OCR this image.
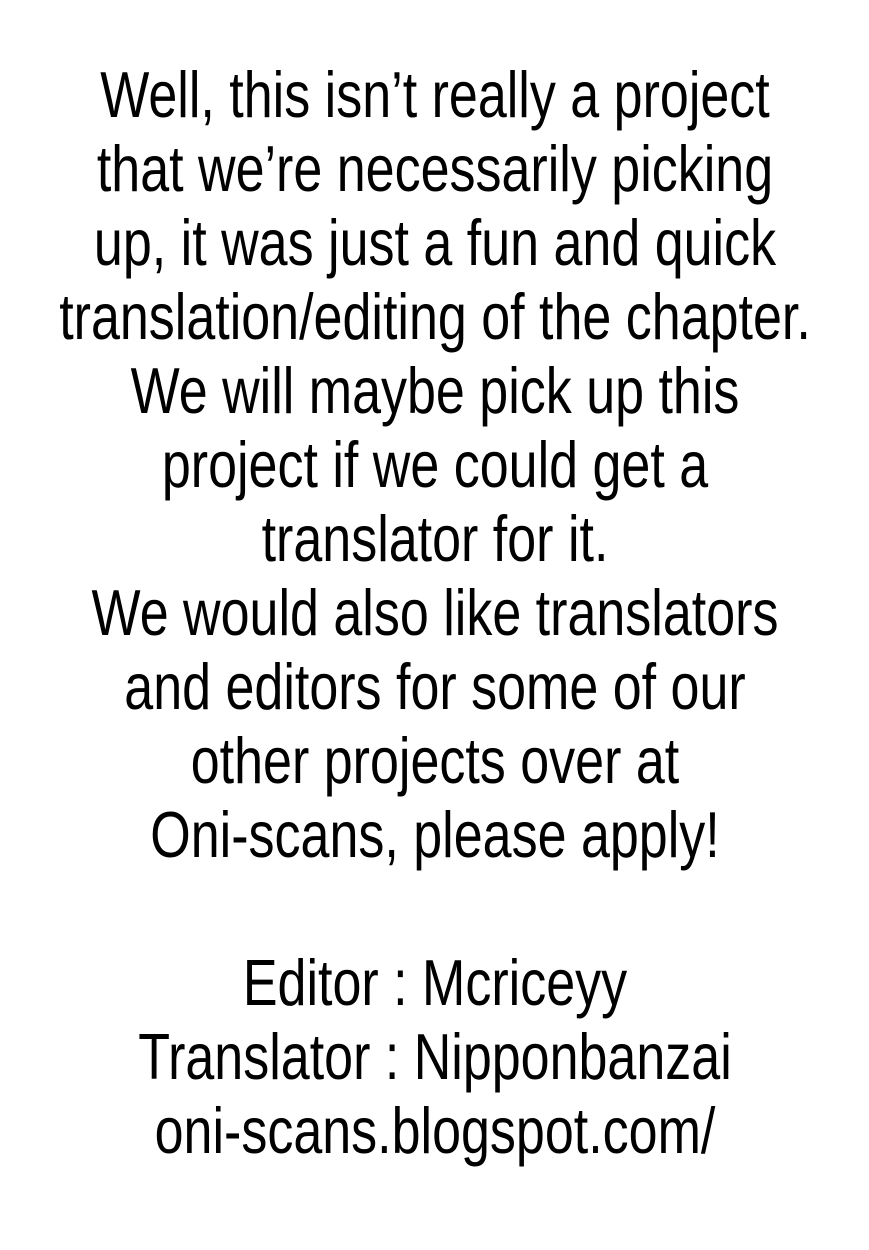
Well, this isn’t really a project
that we’re necessarily picking
up, it was just a fun and quick
translation/editing of the chapter.
We will maybe pick up this
project if we could get a
translator for it.
We would also like translators
and editors for some of our
other projects over at
Oni-scans, please apply!
Editor : Mcriceyy
Translator : Nipponbanzai
oni-scans.blogspot.com/
